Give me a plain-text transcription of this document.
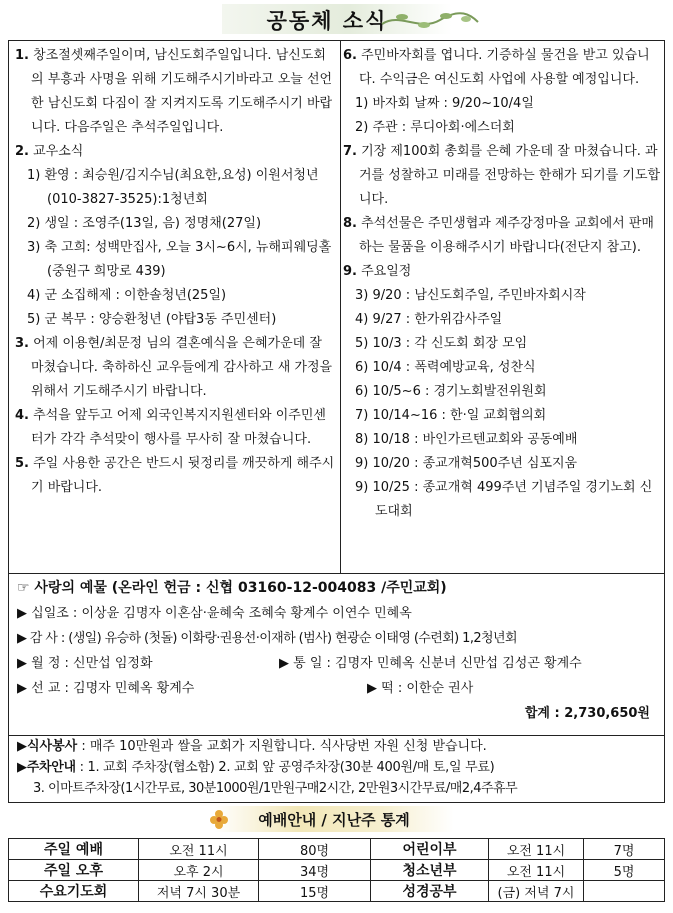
공동체 소식
1. 창조절셋째주일이며, 남신도회주일입니다. 남신도회의 부흥과 사명을 위해 기도해주시기바라고 오늘 선언한 남신도회 다짐이 잘 지켜지도록 기도해주시기 바랍니다. 다음주일은 추석주일입니다.
2. 교우소식
1) 환영 : 최승원/김지수님(최요한,요성) 이원서청년(010-3827-3525):1청년회
2) 생일 : 조영주(13일, 음) 정명채(27일)
3) 축 고희: 성백만집사, 오늘 3시~6시, 뉴해피웨딩홀(중원구 희망로 439)
4) 군 소집해제 : 이한솔청년(25일)
5) 군 복무 : 양승환청년 (야탑3동 주민센터)
3. 어제 이용현/최문정 님의 결혼예식을 은혜가운데 잘 마쳤습니다. 축하하신 교우들에게 감사하고 새 가정을 위해서 기도해주시기 바랍니다.
4. 추석을 앞두고 어제 외국인복지지원센터와 이주민센터가 각각 추석맞이 행사를 무사히 잘 마쳤습니다.
5. 주일 사용한 공간은 반드시 뒷정리를 깨끗하게 해주시기 바랍니다.
6. 주민바자회를 엽니다. 기증하실 물건을 받고 있습니다. 수익금은 여신도회 사업에 사용할 예정입니다.
1) 바자회 날짜 : 9/20~10/4일
2) 주관 : 루디아회·에스더회
7. 기장 제100회 총회를 은혜 가운데 잘 마쳤습니다. 과거를 성찰하고 미래를 전망하는 한해가 되기를 기도합니다.
8. 추석선물은 주민생협과 제주강정마을 교회에서 판매하는 물품을 이용해주시기 바랍니다(전단지 참고).
9. 주요일정
3) 9/20 : 남신도회주일, 주민바자회시작
4) 9/27 : 한가위감사주일
5) 10/3 : 각 신도회 회장 모임
6) 10/4 : 폭력예방교육, 성찬식
6) 10/5~6 : 경기노회발전위원회
7) 10/14~16 : 한·일 교회협의회
8) 10/18 : 바인가르텐교회와 공동예배
9) 10/20 : 종교개혁500주년 심포지움
9) 10/25 : 종교개혁 499주년 기념주일 경기노회 신도대회
☞ 사랑의 예물 (온라인 헌금 : 신협 03160-12-004083 /주민교회)
▶ 십일조 : 이상윤 김명자 이혼삼·윤혜숙 조혜숙 황계수 이연수 민혜옥
▶ 감 사 : (생일) 유승하 (첫돌) 이화랑·권용선·이재하 (범사) 현광순 이태영 (수련회) 1,2청년회
▶ 월 정 : 신만섭 임정화	▶ 통 일 : 김명자 민혜옥 신분녀 신만섭 김성곤 황계수
▶ 선 교 : 김명자 민혜옥 황계수	▶ 떡 : 이한순 권사
합계 : 2,730,650원
▶식사봉사 : 매주 10만원과 쌀을 교회가 지원합니다. 식사당번 자원 신청 받습니다.
▶주차안내 : 1. 교회 주차장(협소함) 2. 교회 앞 공영주차장(30분 400원/매 토,일 무료)
3. 이마트주차장(1시간무료, 30분1000원/1만원구매2시간, 2만원3시간무료/매2,4주휴무
예배안내 / 지난주 통계
주일 예배	오전 11시	80명	어린이부	오전 11시	7명
주일 오후	오후 2시	34명	청소년부	오전 11시	5명
수요기도회	저녁 7시 30분	15명	성경공부	(금) 저녁 7시	
